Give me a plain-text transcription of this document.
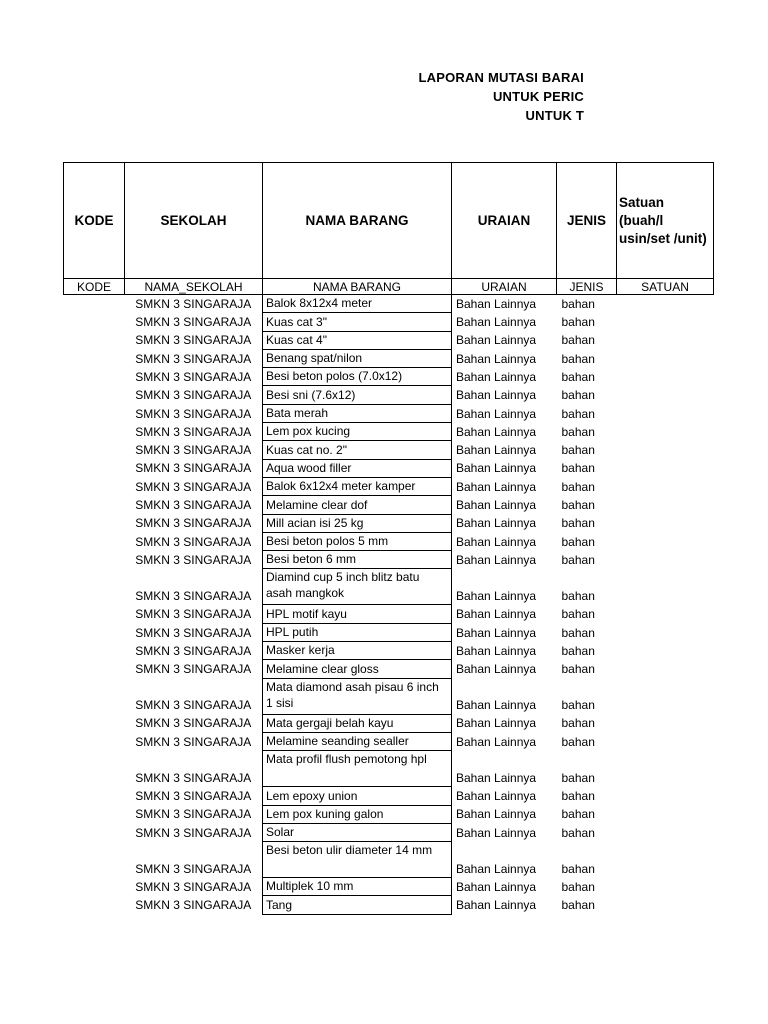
LAPORAN MUTASI BARAI
UNTUK PERIC
UNTUK T
KODE	SEKOLAH	NAMA BARANG	URAIAN	JENIS	Satuan (buah/l usin/set /unit)
KODE	NAMA_SEKOLAH	NAMA BARANG	URAIAN	JENIS	SATUAN
	SMKN 3 SINGARAJA	Balok 8x12x4 meter	Bahan Lainnya	bahan	
	SMKN 3 SINGARAJA	Kuas cat 3"	Bahan Lainnya	bahan	
	SMKN 3 SINGARAJA	Kuas cat 4"	Bahan Lainnya	bahan	
	SMKN 3 SINGARAJA	Benang spat/nilon	Bahan Lainnya	bahan	
	SMKN 3 SINGARAJA	Besi beton polos (7.0x12)	Bahan Lainnya	bahan	
	SMKN 3 SINGARAJA	Besi sni (7.6x12)	Bahan Lainnya	bahan	
	SMKN 3 SINGARAJA	Bata merah	Bahan Lainnya	bahan	
	SMKN 3 SINGARAJA	Lem pox kucing	Bahan Lainnya	bahan	
	SMKN 3 SINGARAJA	Kuas cat no. 2"	Bahan Lainnya	bahan	
	SMKN 3 SINGARAJA	Aqua wood filler	Bahan Lainnya	bahan	
	SMKN 3 SINGARAJA	Balok 6x12x4 meter kamper	Bahan Lainnya	bahan	
	SMKN 3 SINGARAJA	Melamine clear dof	Bahan Lainnya	bahan	
	SMKN 3 SINGARAJA	Mill acian isi 25 kg	Bahan Lainnya	bahan	
	SMKN 3 SINGARAJA	Besi beton polos 5 mm	Bahan Lainnya	bahan	
	SMKN 3 SINGARAJA	Besi beton 6 mm	Bahan Lainnya	bahan	
	SMKN 3 SINGARAJA	Diamind cup 5 inch blitz batu asah mangkok	Bahan Lainnya	bahan	
	SMKN 3 SINGARAJA	HPL motif kayu	Bahan Lainnya	bahan	
	SMKN 3 SINGARAJA	HPL putih	Bahan Lainnya	bahan	
	SMKN 3 SINGARAJA	Masker kerja	Bahan Lainnya	bahan	
	SMKN 3 SINGARAJA	Melamine clear gloss	Bahan Lainnya	bahan	
	SMKN 3 SINGARAJA	Mata diamond asah pisau 6 inch 1 sisi	Bahan Lainnya	bahan	
	SMKN 3 SINGARAJA	Mata gergaji belah kayu	Bahan Lainnya	bahan	
	SMKN 3 SINGARAJA	Melamine seanding sealler	Bahan Lainnya	bahan	
	SMKN 3 SINGARAJA	Mata profil flush pemotong hpl	Bahan Lainnya	bahan	
	SMKN 3 SINGARAJA	Lem epoxy union	Bahan Lainnya	bahan	
	SMKN 3 SINGARAJA	Lem pox kuning galon	Bahan Lainnya	bahan	
	SMKN 3 SINGARAJA	Solar	Bahan Lainnya	bahan	
	SMKN 3 SINGARAJA	Besi beton ulir diameter 14 mm	Bahan Lainnya	bahan	
	SMKN 3 SINGARAJA	Multiplek 10 mm	Bahan Lainnya	bahan	
	SMKN 3 SINGARAJA	Tang	Bahan Lainnya	bahan	
